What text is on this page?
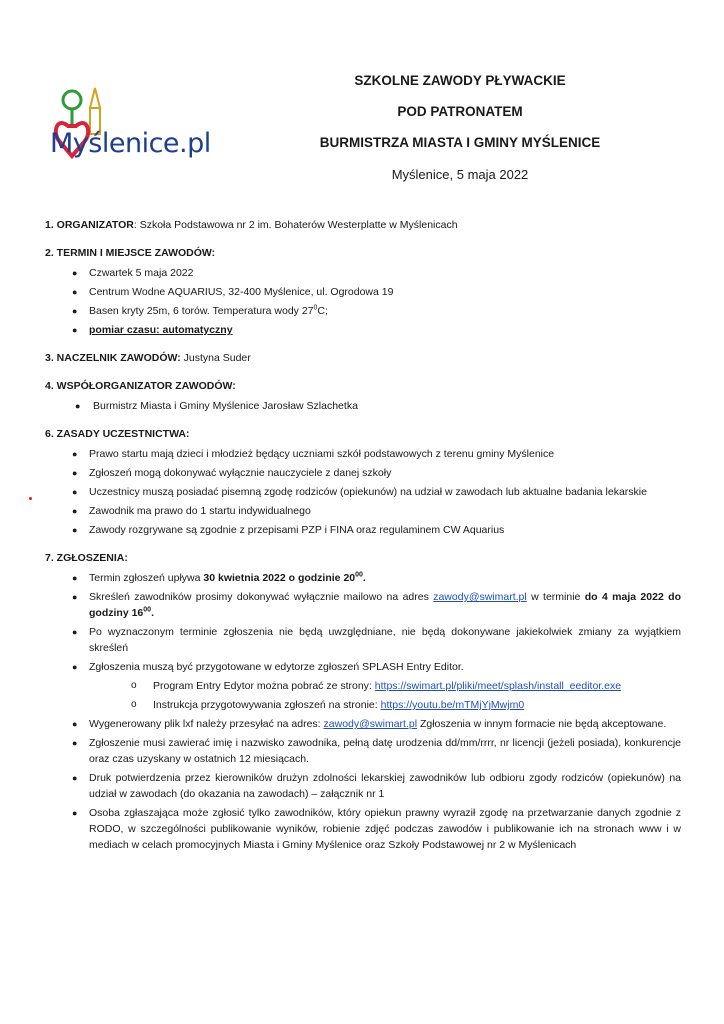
Myślenice.pl
SZKOLNE ZAWODY PŁYWACKIE
POD PATRONATEM
BURMISTRZA MIASTA I GMINY MYŚLENICE
Myślenice, 5 maja 2022
1. ORGANIZATOR: Szkoła Podstawowa nr 2 im. Bohaterów Westerplatte w Myślenicach
2. TERMIN I MIEJSCE ZAWODÓW:
● Czwartek 5 maja 2022
● Centrum Wodne AQUARIUS, 32-400 Myślenice, ul. Ogrodowa 19
● Basen kryty 25m, 6 torów. Temperatura wody $27^0C$;
● pomiar czasu: automatyczny
3. NACZELNIK ZAWODÓW: Justyna Suder
4. WSPÓŁORGANIZATOR ZAWODÓW:
● Burmistrz Miasta i Gminy Myślenice Jarosław Szlachetka
6. ZASADY UCZESTNICTWA:
● Prawo startu mają dzieci i młodzież będący uczniami szkół podstawowych z terenu gminy Myślenice
● Zgłoszeń mogą dokonywać wyłącznie nauczyciele z danej szkoły
● Uczestnicy muszą posiadać pisemną zgodę rodziców (opiekunów) na udział w zawodach lub aktualne badania lekarskie
● Zawodnik ma prawo do 1 startu indywidualnego
● Zawody rozgrywane są zgodnie z przepisami PZP i FINA oraz regulaminem CW Aquarius
7. ZGŁOSZENIA:
● Termin zgłoszeń upływa 30 kwietnia 2022 o godzinie $20^{00}$.
● Skreśleń zawodników prosimy dokonywać wyłącznie mailowo na adres zawody@swimart.pl w terminie do 4 maja 2022 do godziny $16^{00}$.
● Po wyznaczonym terminie zgłoszenia nie będą uwzględniane, nie będą dokonywane jakiekolwiek zmiany za wyjątkiem skreśleń
● Zgłoszenia muszą być przygotowane w edytorze zgłoszeń SPLASH Entry Editor.
o Program Entry Edytor można pobrać ze strony: https://swimart.pl/pliki/meet/splash/install_eeditor.exe
o Instrukcja przygotowywania zgłoszeń na stronie: https://youtu.be/mTMjYjMwjm0
● Wygenerowany plik lxf należy przesyłać na adres: zawody@swimart.pl Zgłoszenia w innym formacie nie będą akceptowane.
● Zgłoszenie musi zawierać imię i nazwisko zawodnika, pełną datę urodzenia dd/mm/rrrr, nr licencji (jeżeli posiada), konkurencje oraz czas uzyskany w ostatnich 12 miesiącach.
● Druk potwierdzenia przez kierowników drużyn zdolności lekarskiej zawodników lub odbioru zgody rodziców (opiekunów) na udział w zawodach (do okazania na zawodach) – załącznik nr 1
● Osoba zgłaszająca może zgłosić tylko zawodników, który opiekun prawny wyraził zgodę na przetwarzanie danych zgodnie z RODO, w szczególności publikowanie wyników, robienie zdjęć podczas zawodów i publikowanie ich na stronach www i w mediach w celach promocyjnych Miasta i Gminy Myślenice oraz Szkoły Podstawowej nr 2 w Myślenicach
